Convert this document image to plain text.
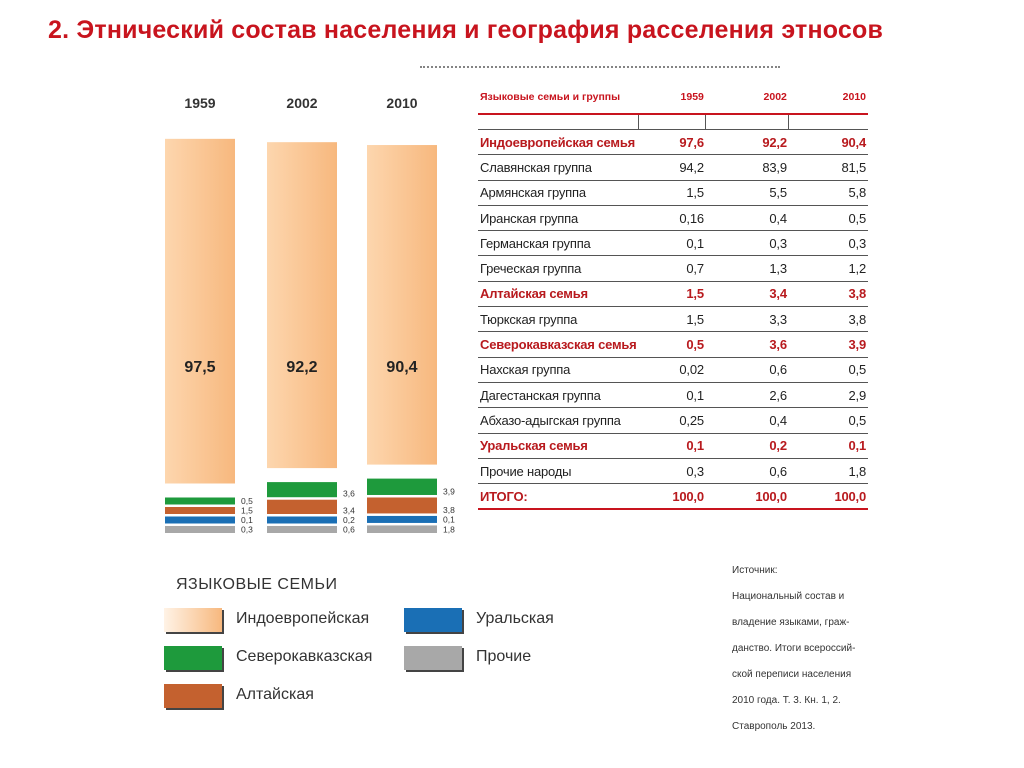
2. Этнический состав населения и география расселения этносов
1959
0,3
0,1
1,5
0,5
97,5
2002
0,6
0,2
3,4
3,6
92,2
2010
1,8
0,1
3,8
3,9
90,4
ЯЗЫКОВЫЕ СЕМЬИ
Индоевропейская
Северокавказская
Алтайская
Уральская
Прочие
Языковые семьи и группы	1959	2002	2010

Индоевропейская семья	97,6	92,2	90,4
Славянская группа	94,2	83,9	81,5
Армянская группа	1,5	5,5	5,8
Иранская группа	0,16	0,4	0,5
Германская группа	0,1	0,3	0,3
Греческая группа	0,7	1,3	1,2
Алтайская семья	1,5	3,4	3,8
Тюркская группа	1,5	3,3	3,8
Северокавказская семья	0,5	3,6	3,9
Нахская группа	0,02	0,6	0,5
Дагестанская группа	0,1	2,6	2,9
Абхазо-адыгская группа	0,25	0,4	0,5
Уральская семья	0,1	0,2	0,1
Прочие народы	0,3	0,6	1,8
ИТОГО:	100,0	100,0	100,0
Источник:
Национальный состав и
владение языками, граж-
данство. Итоги всероссий-
ской переписи населения
2010 года. Т. 3. Кн. 1, 2.
Ставрополь 2013.
